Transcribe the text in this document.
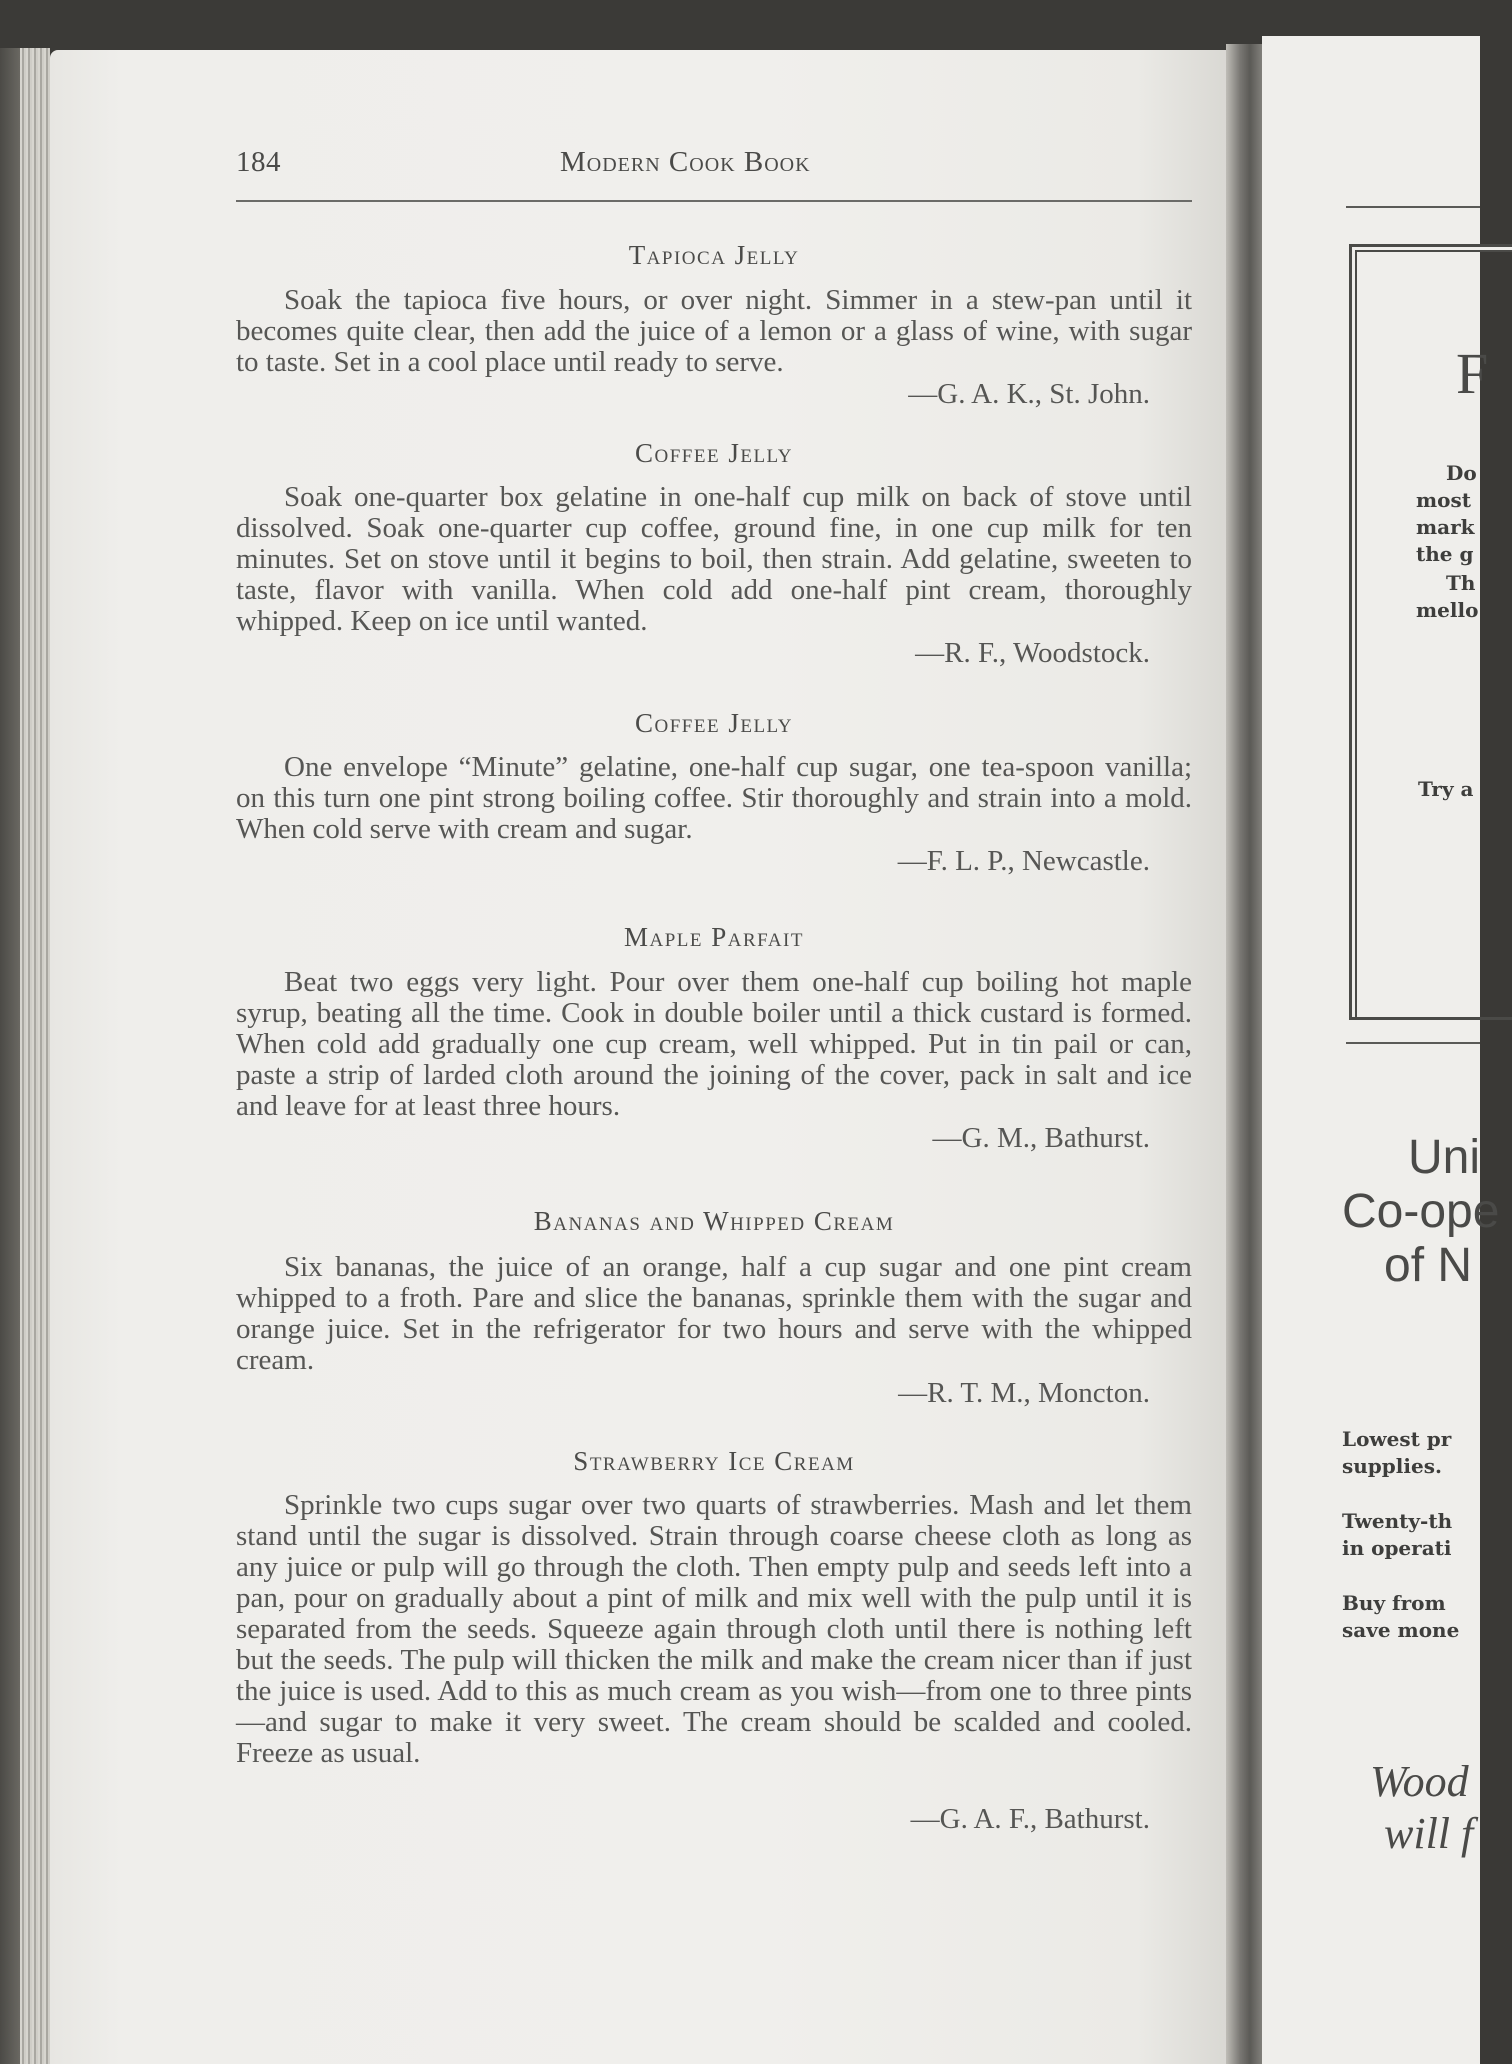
184	Modern Cook Book
Tapioca Jelly
Soak the tapioca five hours, or over night. Simmer in a stew-pan until it becomes quite clear, then add the juice of a lemon or a glass of wine, with sugar to taste. Set in a cool place until ready to serve.
—G. A. K., St. John.
Coffee Jelly
Soak one-quarter box gelatine in one-half cup milk on back of stove until dissolved. Soak one-quarter cup coffee, ground fine, in one cup milk for ten minutes. Set on stove until it begins to boil, then strain. Add gelatine, sweeten to taste, flavor with vanilla. When cold add one-half pint cream, thoroughly whipped. Keep on ice until wanted.
—R. F., Woodstock.
Coffee Jelly
One envelope “Minute” gelatine, one-half cup sugar, one tea-spoon vanilla; on this turn one pint strong boiling coffee. Stir thoroughly and strain into a mold. When cold serve with cream and sugar.
—F. L. P., Newcastle.
Maple Parfait
Beat two eggs very light. Pour over them one-half cup boiling hot maple syrup, beating all the time. Cook in double boiler until a thick custard is formed. When cold add gradually one cup cream, well whipped. Put in tin pail or can, paste a strip of larded cloth around the joining of the cover, pack in salt and ice and leave for at least three hours.
—G. M., Bathurst.
Bananas and Whipped Cream
Six bananas, the juice of an orange, half a cup sugar and one pint cream whipped to a froth. Pare and slice the bananas, sprinkle them with the sugar and orange juice. Set in the refrigerator for two hours and serve with the whipped cream.
—R. T. M., Moncton.
Strawberry Ice Cream
Sprinkle two cups sugar over two quarts of strawberries. Mash and let them stand until the sugar is dissolved. Strain through coarse cheese cloth as long as any juice or pulp will go through the cloth. Then empty pulp and seeds left into a pan, pour on gradually about a pint of milk and mix well with the pulp until it is separated from the seeds. Squeeze again through cloth until there is nothing left but the seeds. The pulp will thicken the milk and make the cream nicer than if just the juice is used. Add to this as much cream as you wish—from one to three pints—and sugar to make it very sweet. The cream should be scalded and cooled. Freeze as usual.
—G. A. F., Bathurst.
F
Do
most
mark
the g
Th
mello
Try a
Uni
Co-ope
of N
Lowest pr
supplies.
Twenty-th
in operati
Buy from
save mone
Wood
will f
